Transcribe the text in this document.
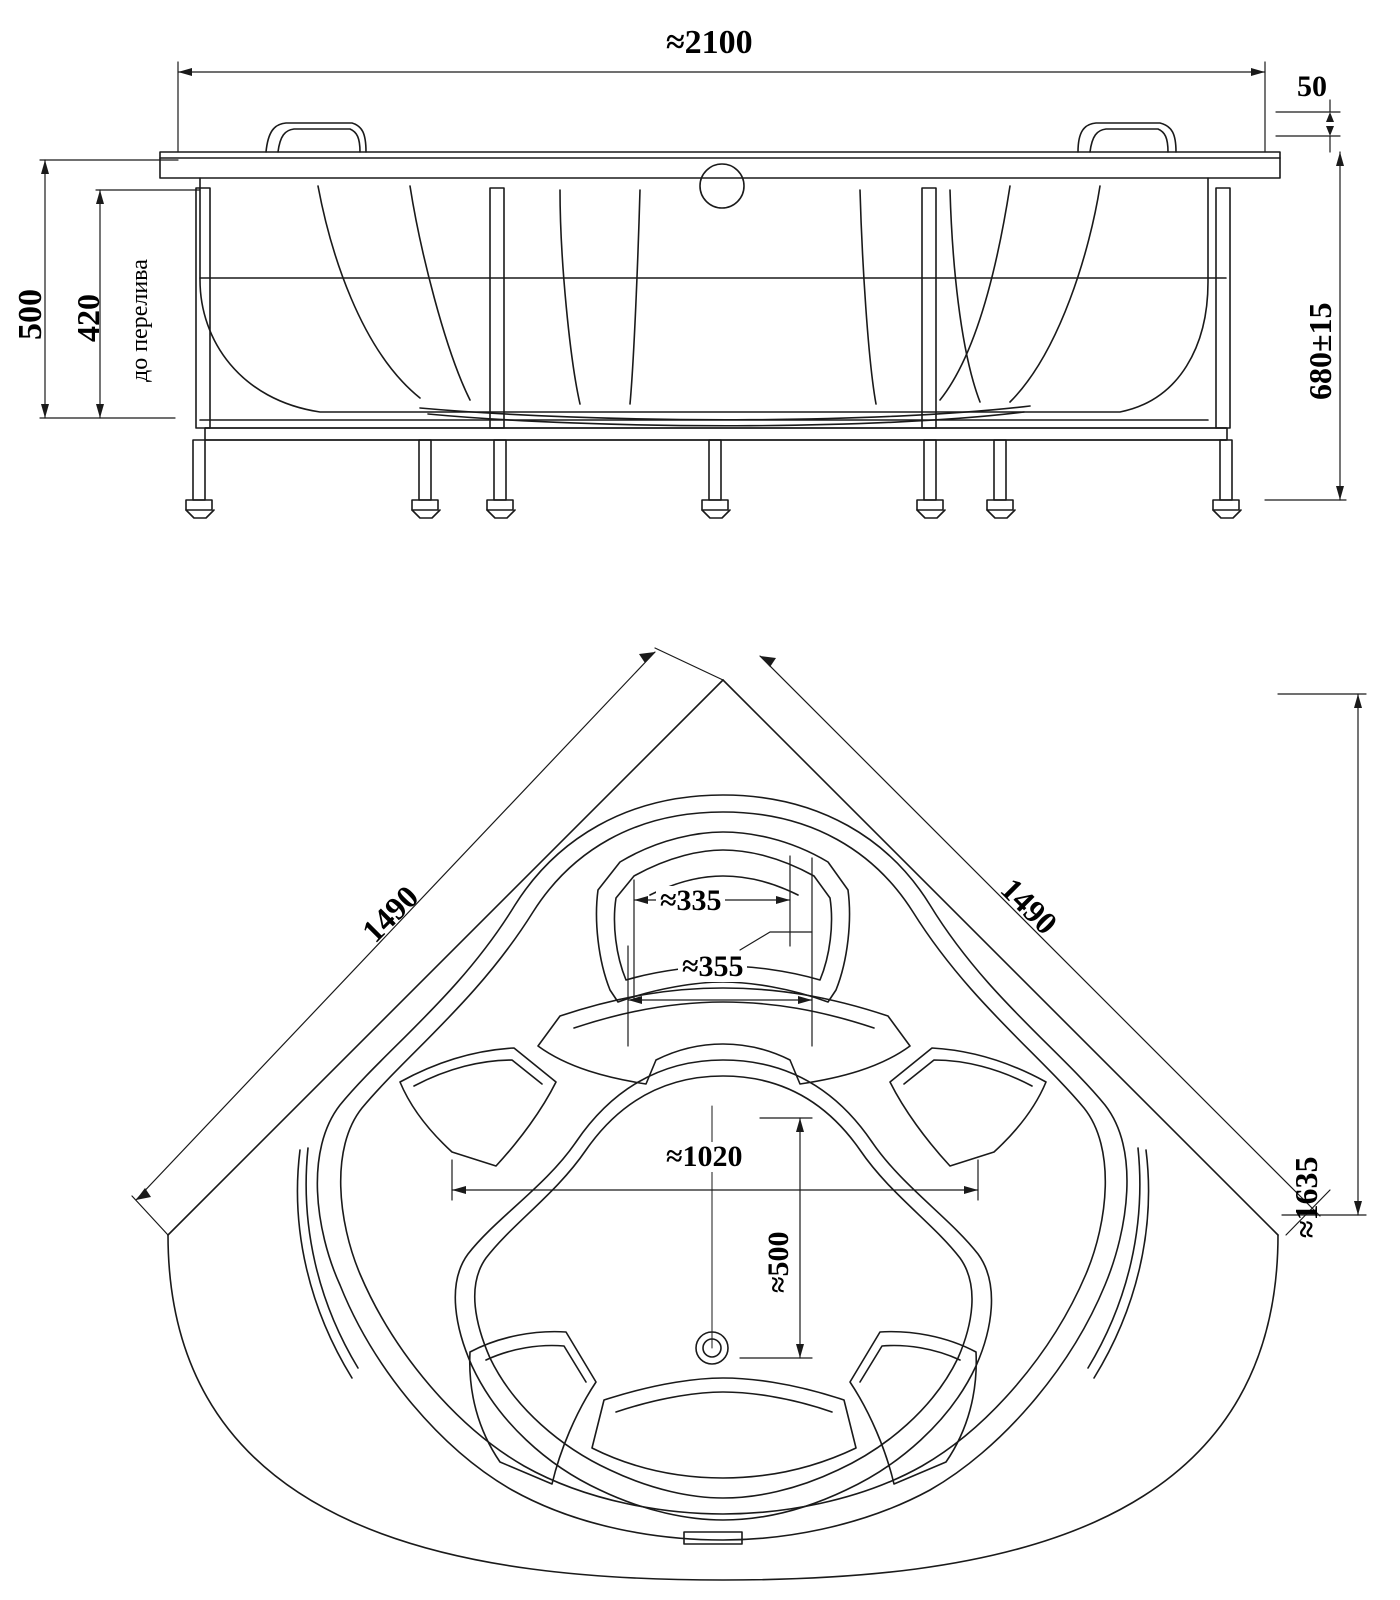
≈2100
50
500 420 до перелива	680±15
1490	1490
≈1635
≈335
≈355
≈1020
≈500
